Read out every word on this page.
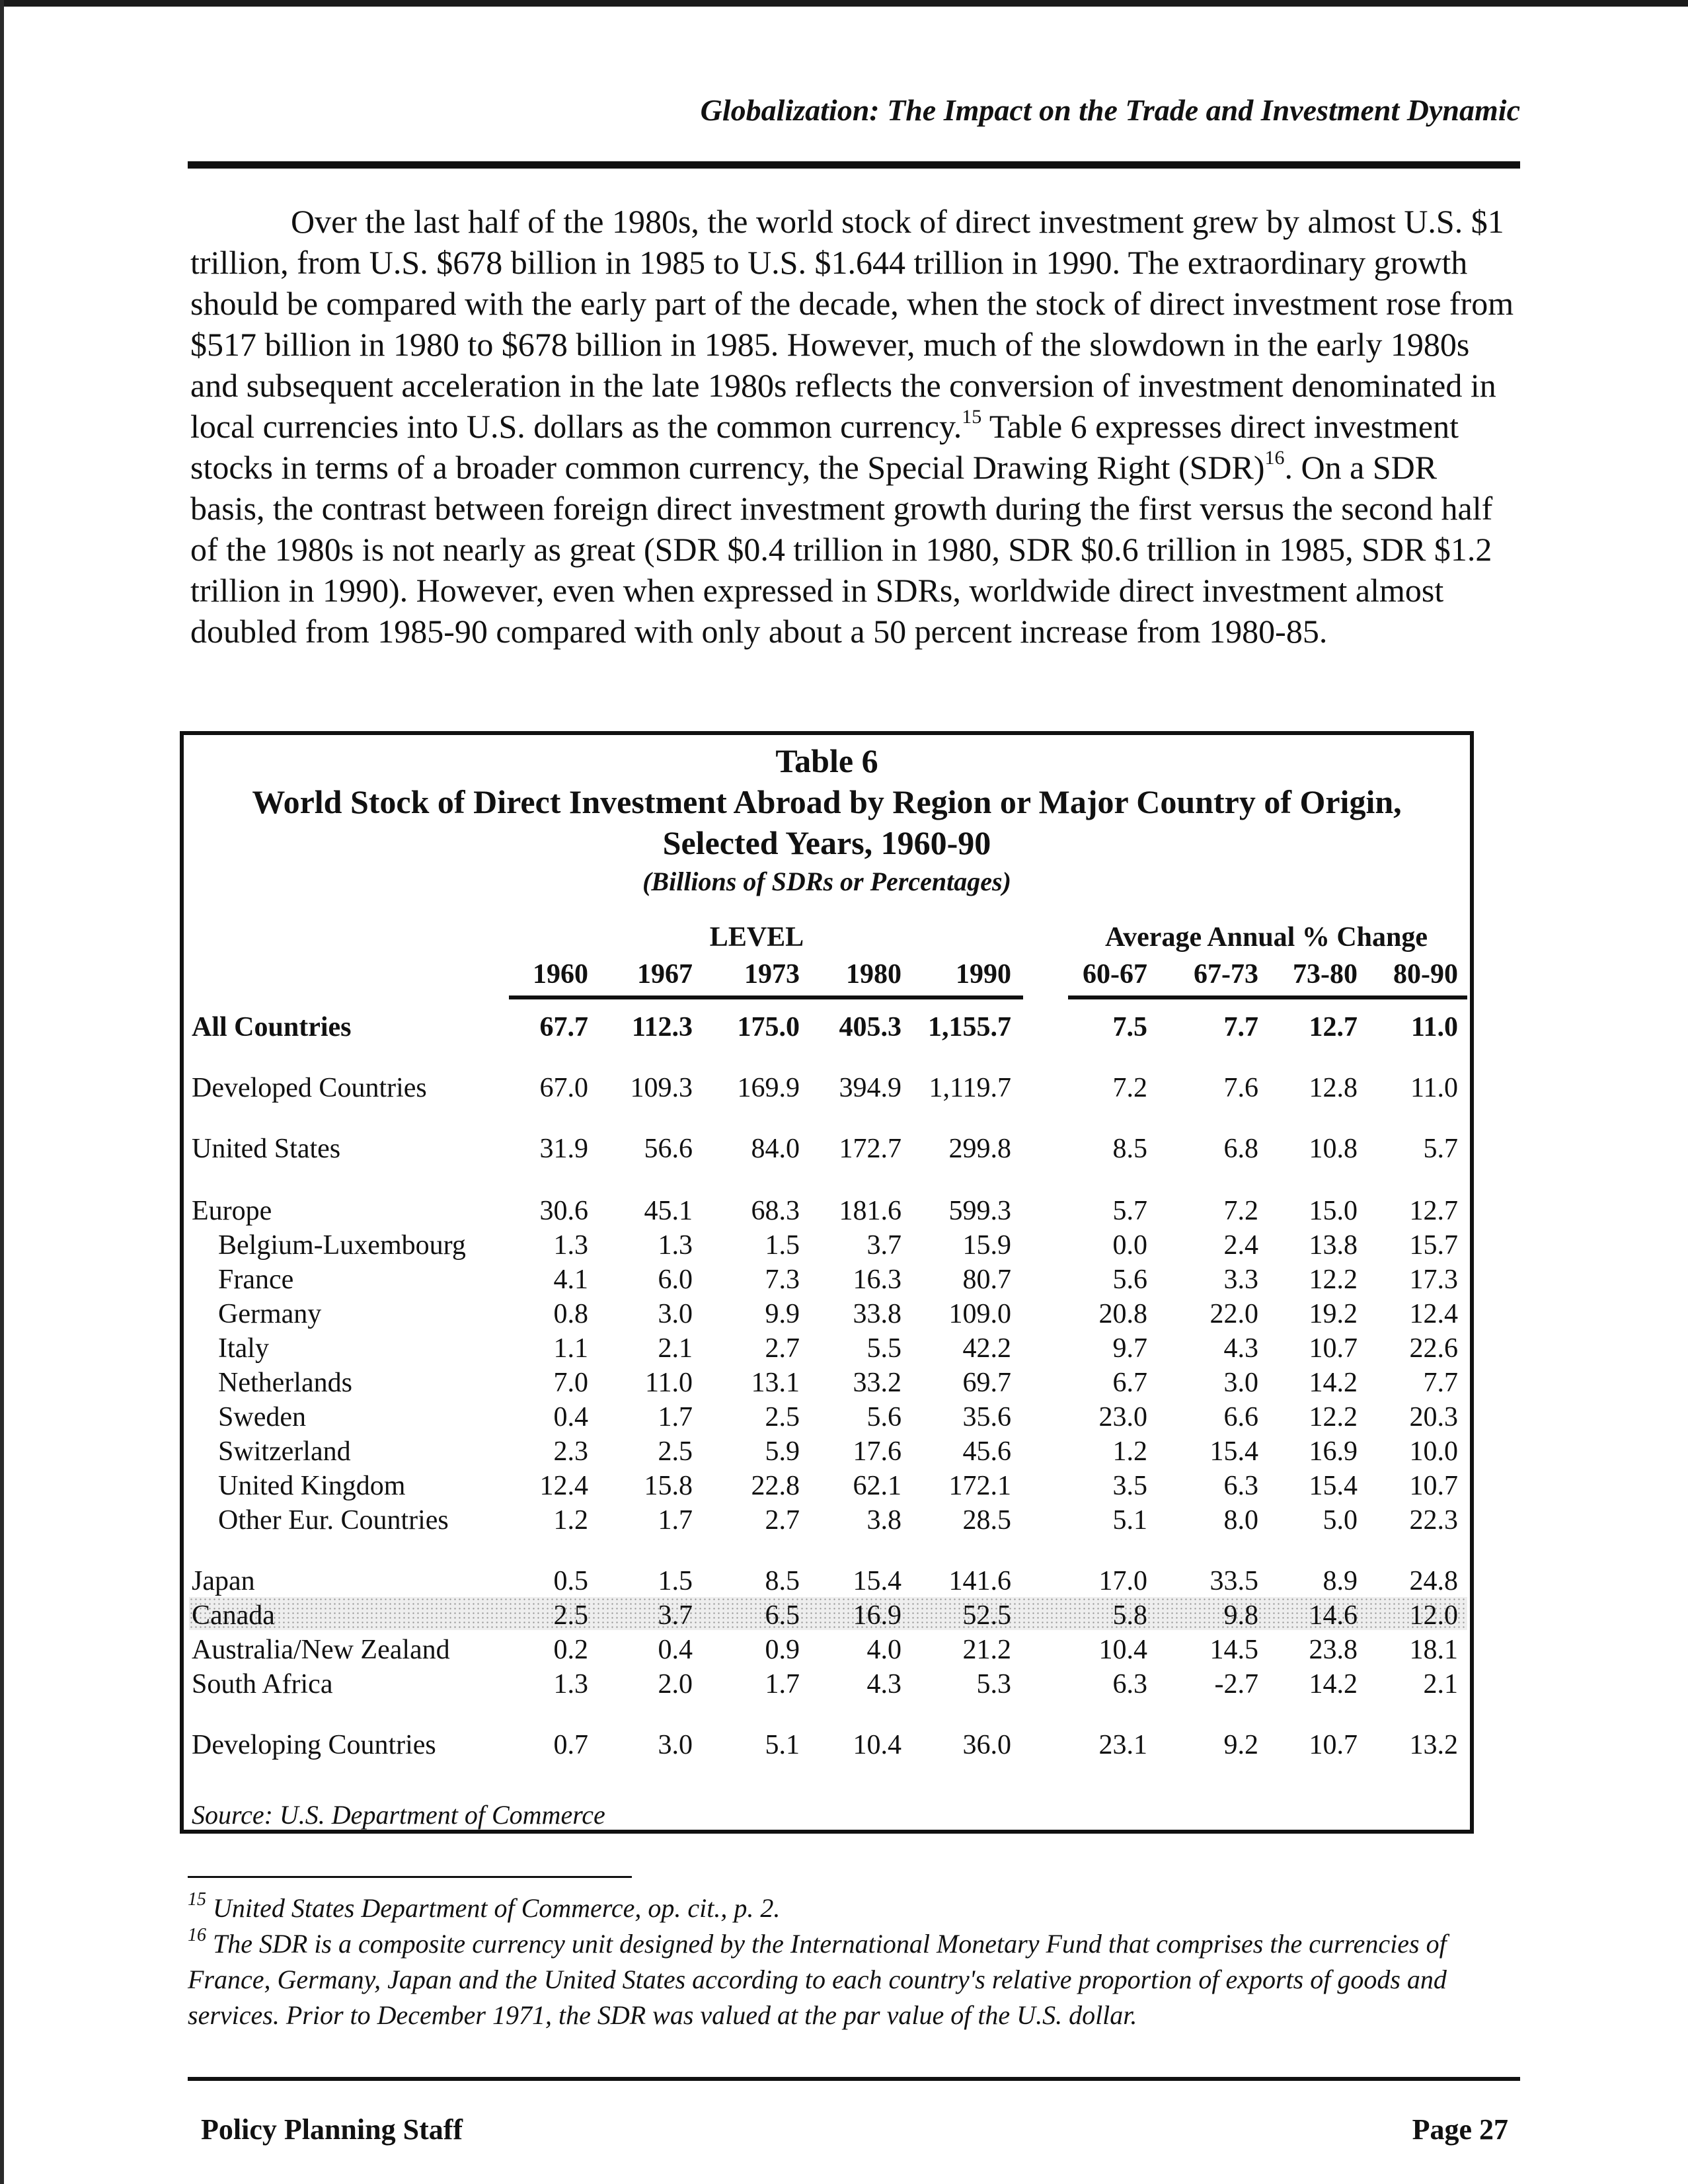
Globalization: The Impact on the Trade and Investment Dynamic

Over the last half of the 1980s, the world stock of direct investment grew by almost U.S. $1 trillion, from U.S. $678 billion in 1985 to U.S. $1.644 trillion in 1990. The extraordinary growth should be compared with the early part of the decade, when the stock of direct investment rose from $517 billion in 1980 to $678 billion in 1985. However, much of the slowdown in the early 1980s and subsequent acceleration in the late 1980s reflects the conversion of investment denominated in local currencies into U.S. dollars as the common currency.$^{15}$ Table 6 expresses direct investment stocks in terms of a broader common currency, the Special Drawing Right (SDR)$^{16}$. On a SDR basis, the contrast between foreign direct investment growth during the first versus the second half of the 1980s is not nearly as great (SDR $0.4 trillion in 1980, SDR $0.6 trillion in 1985, SDR $1.2 trillion in 1990). However, even when expressed in SDRs, worldwide direct investment almost doubled from 1985-90 compared with only about a 50 percent increase from 1980-85.

Table 6
World Stock of Direct Investment Abroad by Region or Major Country of Origin,
Selected Years, 1960-90
(Billions of SDRs or Percentages)
LEVEL	Average Annual % Change
1960	1967	1973	1980	1990	60-67	67-73	73-80	80-90
All Countries	67.7	112.3	175.0	405.3 1,155.7	7.5	7.7	12.7	11.0
Developed Countries	67.0	109.3	169.9	394.9 1,119.7	7.2	7.6	12.8	11.0
United States	31.9	56.6	84.0	172.7	299.8	8.5	6.8	10.8	5.7
Europe	30.6	45.1	68.3	181.6	599.3	5.7	7.2	15.0	12.7
Belgium-Luxembourg	1.3	1.3	1.5	3.7	15.9	0.0	2.4	13.8	15.7
France	4.1	6.0	7.3	16.3	80.7	5.6	3.3	12.2	17.3
Germany	0.8	3.0	9.9	33.8	109.0	20.8	22.0	19.2	12.4
Italy	1.1	2.1	2.7	5.5	42.2	9.7	4.3	10.7	22.6
Netherlands	7.0	11.0	13.1	33.2	69.7	6.7	3.0	14.2	7.7
Sweden	0.4	1.7	2.5	5.6	35.6	23.0	6.6	12.2	20.3
Switzerland	2.3	2.5	5.9	17.6	45.6	1.2	15.4	16.9	10.0
United Kingdom	12.4	15.8	22.8	62.1	172.1	3.5	6.3	15.4	10.7
Other Eur. Countries	1.2	1.7	2.7	3.8	28.5	5.1	8.0	5.0	22.3
Japan	0.5	1.5	8.5	15.4	141.6	17.0	33.5	8.9	24.8
Canada	2.5	3.7	6.5	16.9	52.5	5.8	9.8	14.6	12.0
Australia/New Zealand	0.2	0.4	0.9	4.0	21.2	10.4	14.5	23.8	18.1
South Africa	1.3	2.0	1.7	4.3	5.3	6.3	-2.7	14.2	2.1
Developing Countries	0.7	3.0	5.1	10.4	36.0	23.1	9.2	10.7	13.2
Source: U.S. Department of Commerce

$^{15}$ United States Department of Commerce, op. cit., p. 2.

$^{16}$ The SDR is a composite currency unit designed by the International Monetary Fund that comprises the currencies of France, Germany, Japan and the United States according to each country's relative proportion of exports of goods and services. Prior to December 1971, the SDR was valued at the par value of the U.S. dollar.

Policy Planning Staff	Page 27
